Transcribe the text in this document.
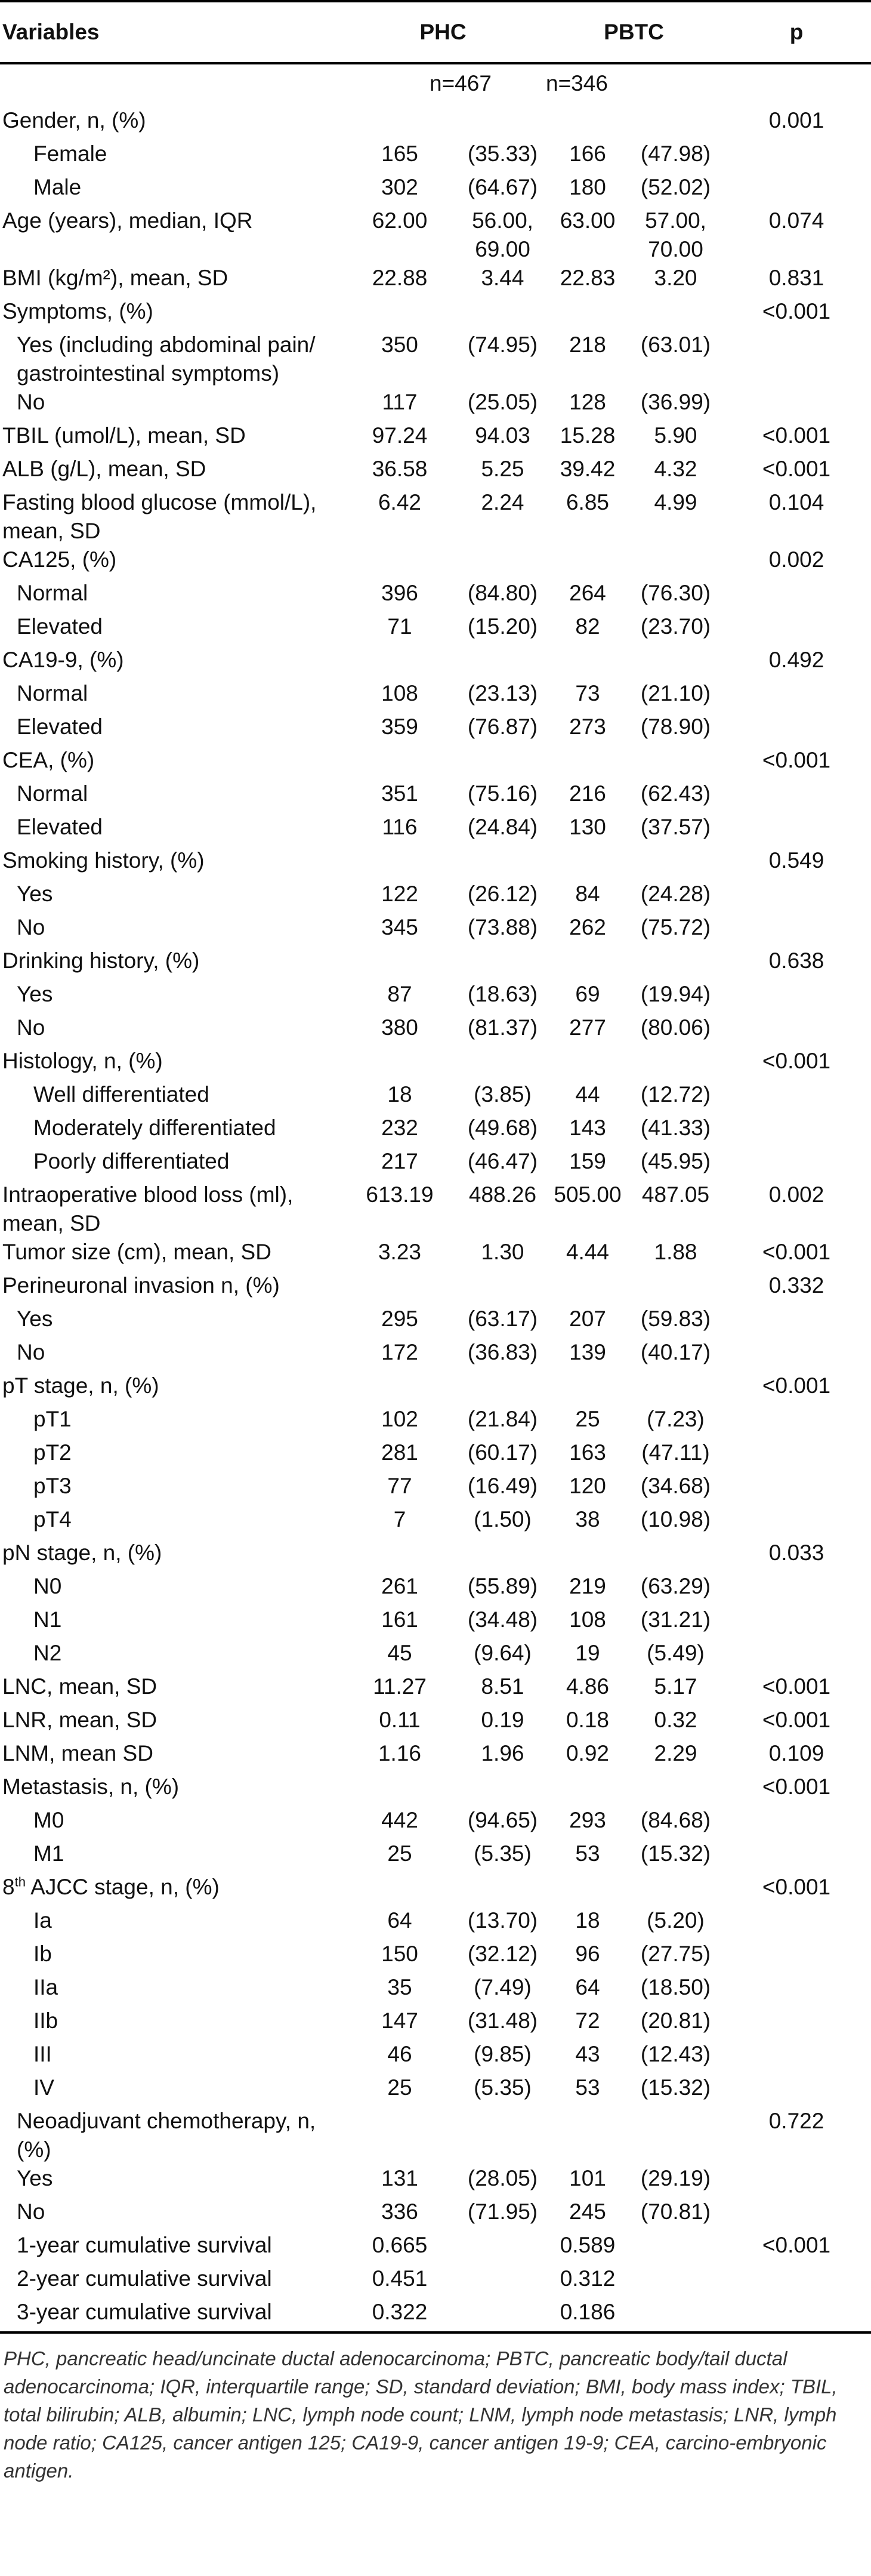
Variables	PHC		PBTC		p
	n=467		n=346		
Gender, n, (%)					0.001
Female	165	(35.33)	166	(47.98)	
Male	302	(64.67)	180	(52.02)	
Age (years), median, IQR	62.00	56.00, 69.00	63.00	57.00, 70.00	0.074
BMI (kg/m²), mean, SD	22.88	3.44	22.83	3.20	0.831
Symptoms, (%)					<0.001
Yes (including abdominal pain/ gastrointestinal symptoms)	350	(74.95)	218	(63.01)	
No	117	(25.05)	128	(36.99)	
TBIL (umol/L), mean, SD	97.24	94.03	15.28	5.90	<0.001
ALB (g/L), mean, SD	36.58	5.25	39.42	4.32	<0.001
Fasting blood glucose (mmol/L), mean, SD	6.42	2.24	6.85	4.99	0.104
CA125, (%)					0.002
Normal	396	(84.80)	264	(76.30)	
Elevated	71	(15.20)	82	(23.70)	
CA19-9, (%)					0.492
Normal	108	(23.13)	73	(21.10)	
Elevated	359	(76.87)	273	(78.90)	
CEA, (%)					<0.001
Normal	351	(75.16)	216	(62.43)	
Elevated	116	(24.84)	130	(37.57)	
Smoking history, (%)					0.549
Yes	122	(26.12)	84	(24.28)	
No	345	(73.88)	262	(75.72)	
Drinking history, (%)					0.638
Yes	87	(18.63)	69	(19.94)	
No	380	(81.37)	277	(80.06)	
Histology, n, (%)					<0.001
Well differentiated	18	(3.85)	44	(12.72)	
Moderately differentiated	232	(49.68)	143	(41.33)	
Poorly differentiated	217	(46.47)	159	(45.95)	
Intraoperative blood loss (ml), mean, SD	613.19	488.26	505.00	487.05	0.002
Tumor size (cm), mean, SD	3.23	1.30	4.44	1.88	<0.001
Perineuronal invasion n, (%)					0.332
Yes	295	(63.17)	207	(59.83)	
No	172	(36.83)	139	(40.17)	
pT stage, n, (%)					<0.001
pT1	102	(21.84)	25	(7.23)	
pT2	281	(60.17)	163	(47.11)	
pT3	77	(16.49)	120	(34.68)	
pT4	7	(1.50)	38	(10.98)	
pN stage, n, (%)					0.033
N0	261	(55.89)	219	(63.29)	
N1	161	(34.48)	108	(31.21)	
N2	45	(9.64)	19	(5.49)	
LNC, mean, SD	11.27	8.51	4.86	5.17	<0.001
LNR, mean, SD	0.11	0.19	0.18	0.32	<0.001
LNM, mean SD	1.16	1.96	0.92	2.29	0.109
Metastasis, n, (%)					<0.001
M0	442	(94.65)	293	(84.68)	
M1	25	(5.35)	53	(15.32)	
8th AJCC stage, n, (%)					<0.001
Ia	64	(13.70)	18	(5.20)	
Ib	150	(32.12)	96	(27.75)	
IIa	35	(7.49)	64	(18.50)	
IIb	147	(31.48)	72	(20.81)	
III	46	(9.85)	43	(12.43)	
IV	25	(5.35)	53	(15.32)	
Neoadjuvant chemotherapy, n, (%)					0.722
Yes	131	(28.05)	101	(29.19)	
No	336	(71.95)	245	(70.81)	
1-year cumulative survival	0.665		0.589		<0.001
2-year cumulative survival	0.451		0.312		
3-year cumulative survival	0.322		0.186		
PHC, pancreatic head/uncinate ductal adenocarcinoma; PBTC, pancreatic body/tail ductal adenocarcinoma; IQR, interquartile range; SD, standard deviation; BMI, body mass index; TBIL, total bilirubin; ALB, albumin; LNC, lymph node count; LNM, lymph node metastasis; LNR, lymph node ratio; CA125, cancer antigen 125; CA19-9, cancer antigen 19-9; CEA, carcino-embryonic antigen.
